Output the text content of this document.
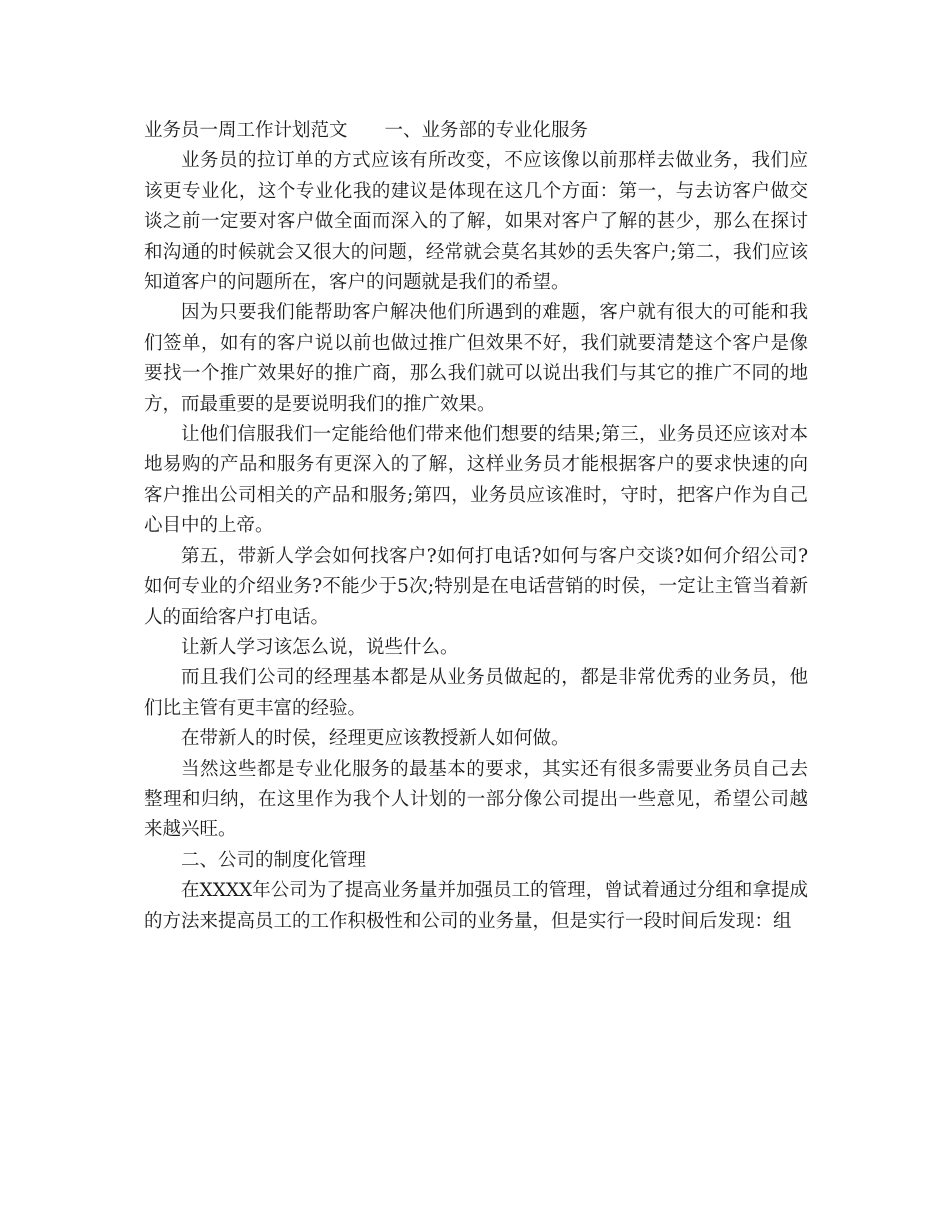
业务员一周工作计划范文　　一、业务部的专业化服务

业务员的拉订单的方式应该有所改变，不应该像以前那样去做业务，我们应该更专业化，这个专业化我的建议是体现在这几个方面：第一，与去访客户做交谈之前一定要对客户做全面而深入的了解，如果对客户了解的甚少，那么在探讨和沟通的时候就会又很大的问题，经常就会莫名其妙的丢失客户;第二，我们应该知道客户的问题所在，客户的问题就是我们的希望。

因为只要我们能帮助客户解决他们所遇到的难题，客户就有很大的可能和我们签单，如有的客户说以前也做过推广但效果不好，我们就要清楚这个客户是像要找一个推广效果好的推广商，那么我们就可以说出我们与其它的推广不同的地方，而最重要的是要说明我们的推广效果。

让他们信服我们一定能给他们带来他们想要的结果;第三，业务员还应该对本地易购的产品和服务有更深入的了解，这样业务员才能根据客户的要求快速的向客户推出公司相关的产品和服务;第四，业务员应该准时，守时，把客户作为自己心目中的上帝。

第五，带新人学会如何找客户?如何打电话?如何与客户交谈?如何介绍公司?如何专业的介绍业务?不能少于5次;特别是在电话营销的时侯，一定让主管当着新人的面给客户打电话。

让新人学习该怎么说，说些什么。

而且我们公司的经理基本都是从业务员做起的，都是非常优秀的业务员，他们比主管有更丰富的经验。

在带新人的时侯，经理更应该教授新人如何做。

当然这些都是专业化服务的最基本的要求，其实还有很多需要业务员自己去整理和归纳，在这里作为我个人计划的一部分像公司提出一些意见，希望公司越来越兴旺。

二、公司的制度化管理

在XXXX年公司为了提高业务量并加强员工的管理，曾试着通过分组和拿提成的方法来提高员工的工作积极性和公司的业务量，但是实行一段时间后发现：组
